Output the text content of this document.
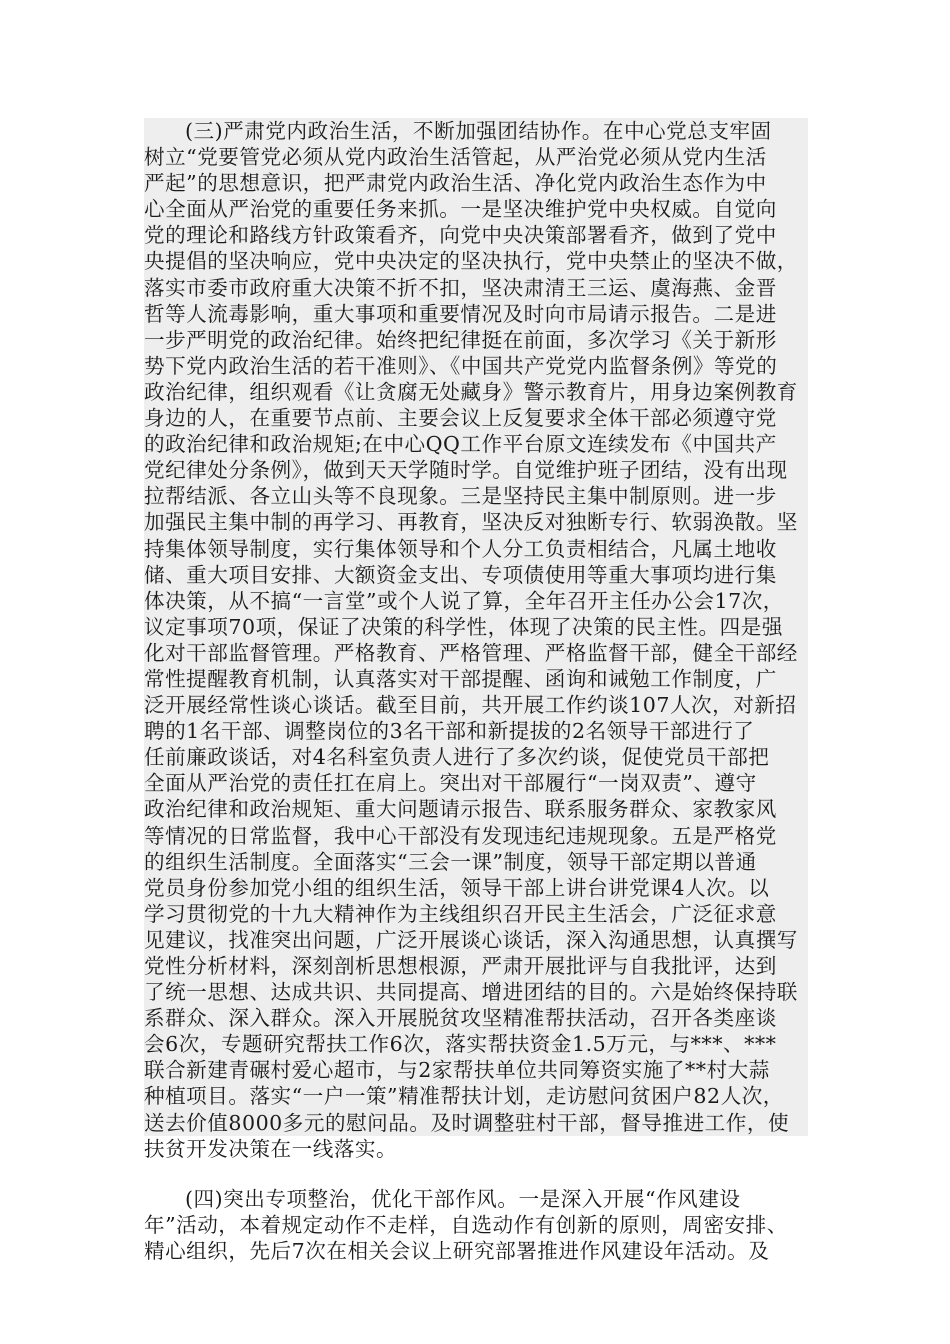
(三)严肃党内政治生活，不断加强团结协作。在中心党总支牢固
树立“党要管党必须从党内政治生活管起，从严治党必须从党内生活
严起”的思想意识，把严肃党内政治生活、净化党内政治生态作为中
心全面从严治党的重要任务来抓。一是坚决维护党中央权威。自觉向
党的理论和路线方针政策看齐，向党中央决策部署看齐，做到了党中
央提倡的坚决响应，党中央决定的坚决执行，党中央禁止的坚决不做，
落实市委市政府重大决策不折不扣，坚决肃清王三运、虞海燕、金晋
哲等人流毒影响，重大事项和重要情况及时向市局请示报告。二是进
一步严明党的政治纪律。始终把纪律挺在前面，多次学习《关于新形
势下党内政治生活的若干准则》、《中国共产党党内监督条例》等党的
政治纪律，组织观看《让贪腐无处藏身》警示教育片，用身边案例教育
身边的人，在重要节点前、主要会议上反复要求全体干部必须遵守党
的政治纪律和政治规矩;在中心QQ工作平台原文连续发布《中国共产
党纪律处分条例》，做到天天学随时学。自觉维护班子团结，没有出现
拉帮结派、各立山头等不良现象。三是坚持民主集中制原则。进一步
加强民主集中制的再学习、再教育，坚决反对独断专行、软弱涣散。坚
持集体领导制度，实行集体领导和个人分工负责相结合，凡属土地收
储、重大项目安排、大额资金支出、专项债使用等重大事项均进行集
体决策，从不搞“一言堂”或个人说了算，全年召开主任办公会17次，
议定事项70项，保证了决策的科学性，体现了决策的民主性。四是强
化对干部监督管理。严格教育、严格管理、严格监督干部，健全干部经
常性提醒教育机制，认真落实对干部提醒、函询和诫勉工作制度，广
泛开展经常性谈心谈话。截至目前，共开展工作约谈107人次，对新招
聘的1名干部、调整岗位的3名干部和新提拔的2名领导干部进行了
任前廉政谈话，对4名科室负责人进行了多次约谈，促使党员干部把
全面从严治党的责任扛在肩上。突出对干部履行“一岗双责”、遵守
政治纪律和政治规矩、重大问题请示报告、联系服务群众、家教家风
等情况的日常监督，我中心干部没有发现违纪违规现象。五是严格党
的组织生活制度。全面落实“三会一课”制度，领导干部定期以普通
党员身份参加党小组的组织生活，领导干部上讲台讲党课4人次。以
学习贯彻党的十九大精神作为主线组织召开民主生活会，广泛征求意
见建议，找准突出问题，广泛开展谈心谈话，深入沟通思想，认真撰写
党性分析材料，深刻剖析思想根源，严肃开展批评与自我批评，达到
了统一思想、达成共识、共同提高、增进团结的目的。六是始终保持联
系群众、深入群众。深入开展脱贫攻坚精准帮扶活动，召开各类座谈
会6次，专题研究帮扶工作6次，落实帮扶资金1.5万元，与***、***
联合新建青碾村爱心超市，与2家帮扶单位共同筹资实施了**村大蒜
种植项目。落实“一户一策”精准帮扶计划，走访慰问贫困户82人次，
送去价值8000多元的慰问品。及时调整驻村干部，督导推进工作，使
扶贫开发决策在一线落实。
(四)突出专项整治，优化干部作风。一是深入开展“作风建设
年”活动，本着规定动作不走样，自选动作有创新的原则，周密安排、
精心组织，先后7次在相关会议上研究部署推进作风建设年活动。及
